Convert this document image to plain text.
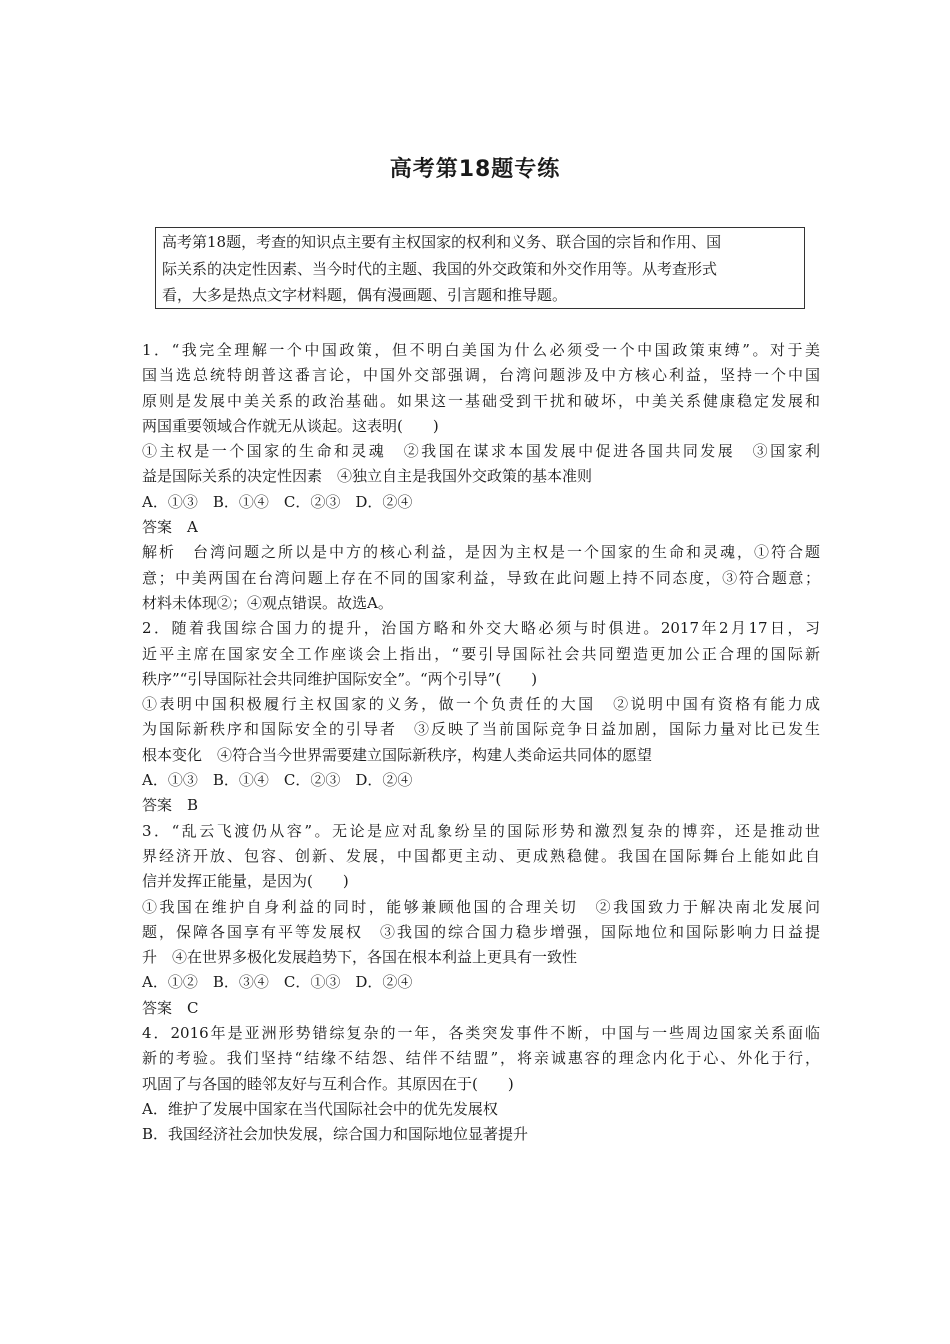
高考第18题专练

高考第18题，考查的知识点主要有主权国家的权利和义务、联合国的宗旨和作用、国

际关系的决定性因素、当今时代的主题、我国的外交政策和外交作用等。从考查形式

看，大多是热点文字材料题，偶有漫画题、引言题和推导题。

1．“我完全理解一个中国政策，但不明白美国为什么必须受一个中国政策束缚”。对于美
国当选总统特朗普这番言论，中国外交部强调，台湾问题涉及中方核心利益，坚持一个中国
原则是发展中美关系的政治基础。如果这一基础受到干扰和破坏，中美关系健康稳定发展和
两国重要领域合作就无从谈起。这表明(　　)
①主权是一个国家的生命和灵魂　②我国在谋求本国发展中促进各国共同发展　③国家利
益是国际关系的决定性因素　④独立自主是我国外交政策的基本准则
A．①③　B．①④　C．②③　D．②④
答案　A
解析　台湾问题之所以是中方的核心利益，是因为主权是一个国家的生命和灵魂，①符合题
意；中美两国在台湾问题上存在不同的国家利益，导致在此问题上持不同态度，③符合题意；
材料未体现②；④观点错误。故选A。
2．随着我国综合国力的提升，治国方略和外交大略必须与时俱进。2017年2月17日，习
近平主席在国家安全工作座谈会上指出，“要引导国际社会共同塑造更加公正合理的国际新
秩序”“引导国际社会共同维护国际安全”。“两个引导”(　　)
①表明中国积极履行主权国家的义务，做一个负责任的大国　②说明中国有资格有能力成
为国际新秩序和国际安全的引导者　③反映了当前国际竞争日益加剧，国际力量对比已发生
根本变化　④符合当今世界需要建立国际新秩序，构建人类命运共同体的愿望
A．①③　B．①④　C．②③　D．②④
答案　B
3．“乱云飞渡仍从容”。无论是应对乱象纷呈的国际形势和激烈复杂的博弈，还是推动世
界经济开放、包容、创新、发展，中国都更主动、更成熟稳健。我国在国际舞台上能如此自
信并发挥正能量，是因为(　　)
①我国在维护自身利益的同时，能够兼顾他国的合理关切　②我国致力于解决南北发展问
题，保障各国享有平等发展权　③我国的综合国力稳步增强，国际地位和国际影响力日益提
升　④在世界多极化发展趋势下，各国在根本利益上更具有一致性
A．①②　B．③④　C．①③　D．②④
答案　C
4．2016年是亚洲形势错综复杂的一年，各类突发事件不断，中国与一些周边国家关系面临
新的考验。我们坚持“结缘不结怨、结伴不结盟”，将亲诚惠容的理念内化于心、外化于行，
巩固了与各国的睦邻友好与互利合作。其原因在于(　　)
A．维护了发展中国家在当代国际社会中的优先发展权
B．我国经济社会加快发展，综合国力和国际地位显著提升
